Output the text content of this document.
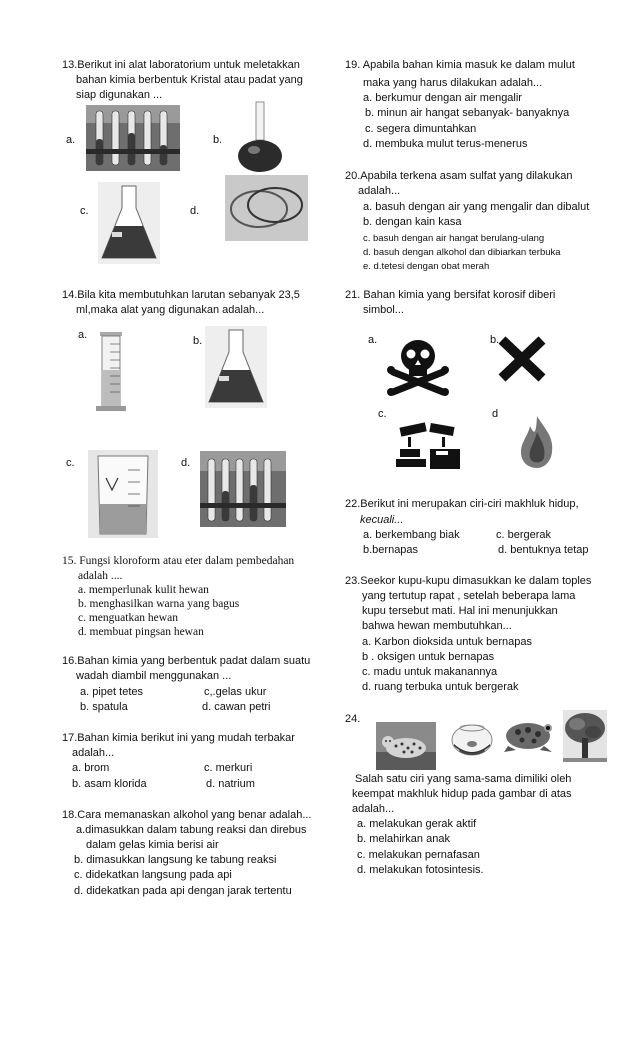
13.Berikut ini alat laboratorium untuk meletakkan
bahan kimia berbentuk Kristal atau padat yang
siap digunakan ...
a.	b.
c.	d.
14.Bila kita membutuhkan larutan sebanyak 23,5
ml,maka alat yang digunakan adalah...
a.	b.
c.	d.
15. Fungsi kloroform atau eter dalam pembedahan
adalah ....
a. memperlunak kulit hewan
b. menghasilkan warna yang bagus
c. menguatkan hewan
d. membuat pingsan hewan
16.Bahan kimia yang berbentuk padat dalam suatu
wadah diambil menggunakan ...
a. pipet tetes	c,.gelas ukur
b. spatula	d. cawan petri
17.Bahan kimia berikut ini yang mudah terbakar
adalah...
a. brom	c. merkuri
b. asam klorida	d. natrium
18.Cara memanaskan alkohol yang benar adalah...
a.dimasukkan dalam tabung reaksi dan direbus
dalam gelas kimia berisi air
b. dimasukkan langsung ke tabung reaksi
c. didekatkan langsung pada api
d. didekatkan pada api dengan jarak tertentu
19. Apabila bahan kimia masuk ke dalam mulut
maka yang harus dilakukan adalah...
a. berkumur dengan air mengalir
b. minun air hangat sebanyak- banyaknya
c. segera dimuntahkan
d. membuka mulut terus-menerus
20.Apabila terkena asam sulfat yang dilakukan
adalah...
a. basuh dengan air yang mengalir dan dibalut
b. dengan kain kasa
c. basuh dengan air hangat berulang-ulang
d. basuh dengan alkohol dan dibiarkan terbuka
e. d.tetesi dengan obat merah
21. Bahan kimia yang bersifat korosif diberi
simbol...
a.	b.
c.	d
22.Berikut ini merupakan ciri-ciri makhluk hidup,
kecuali...
a. berkembang biak	c. bergerak
b.bernapas	d. bentuknya tetap
23.Seekor kupu-kupu dimasukkan ke dalam toples
yang tertutup rapat , setelah beberapa lama
kupu tersebut mati. Hal ini menunjukkan
bahwa hewan membutuhkan...
a. Karbon dioksida untuk bernapas
b . oksigen untuk bernapas
c. madu untuk makanannya
d. ruang terbuka untuk bergerak
24.
Salah satu ciri yang sama-sama dimiliki oleh
keempat makhluk hidup pada gambar di atas
adalah...
a. melakukan gerak aktif
b. melahirkan anak
c. melakukan pernafasan
d. melakukan fotosintesis.
